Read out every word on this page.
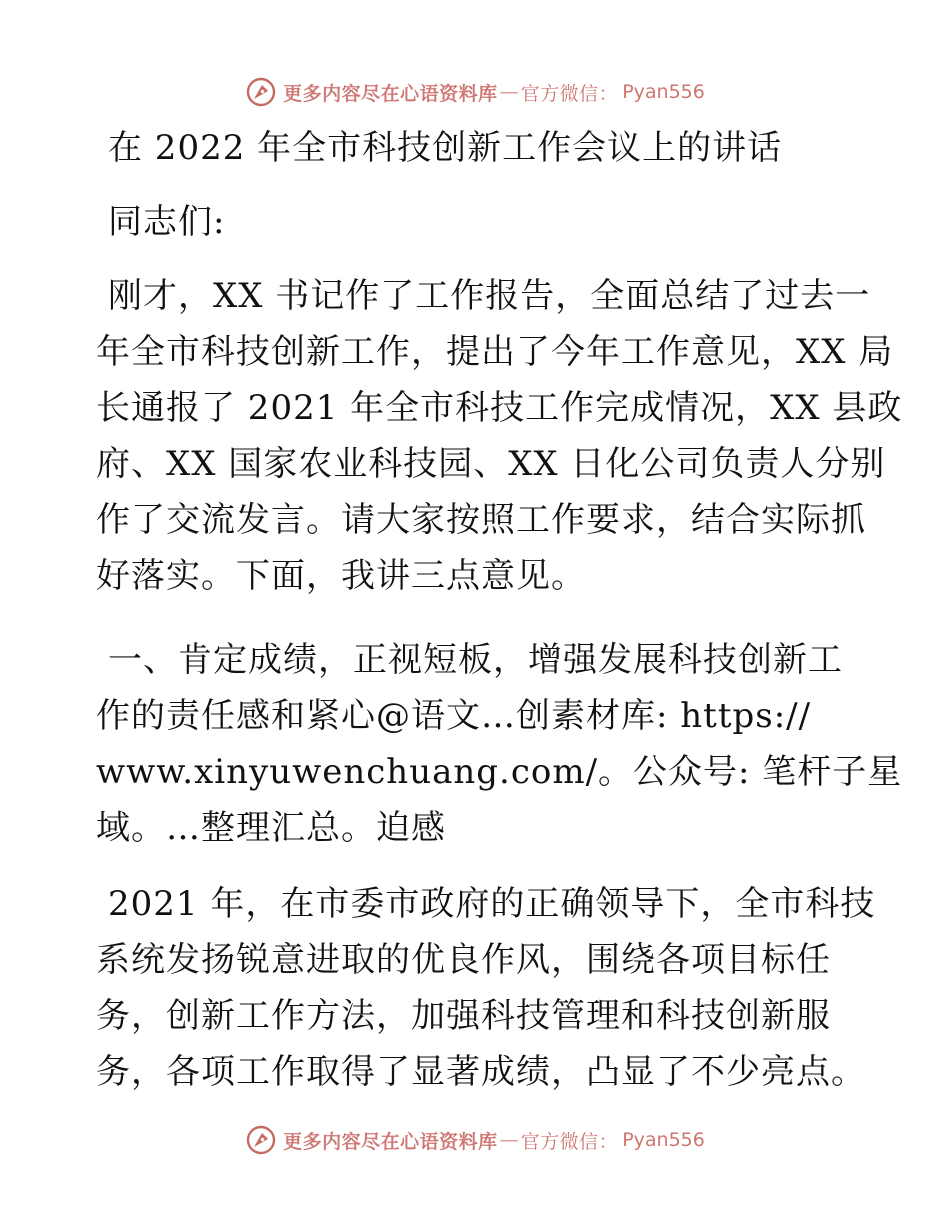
更多内容尽在心语资料库 — 官方微信： Pyan556
在 2022 年全市科技创新工作会议上的讲话
同志们:
刚才，XX 书记作了工作报告，全面总结了过去一
年全市科技创新工作，提出了今年工作意见，XX 局
长通报了 2021 年全市科技工作完成情况，XX 县政
府、XX 国家农业科技园、XX 日化公司负责人分别
作了交流发言。请大家按照工作要求，结合实际抓
好落实。下面，我讲三点意见。
一、肯定成绩，正视短板，增强发展科技创新工
作的责任感和紧心@语文…创素材库: https://
www.xinyuwenchuang.com/。公众号: 笔杆子星
域。…整理汇总。迫感
2021 年，在市委市政府的正确领导下，全市科技
系统发扬锐意进取的优良作风，围绕各项目标任
务，创新工作方法，加强科技管理和科技创新服
务，各项工作取得了显著成绩，凸显了不少亮点。
更多内容尽在心语资料库 — 官方微信： Pyan556
